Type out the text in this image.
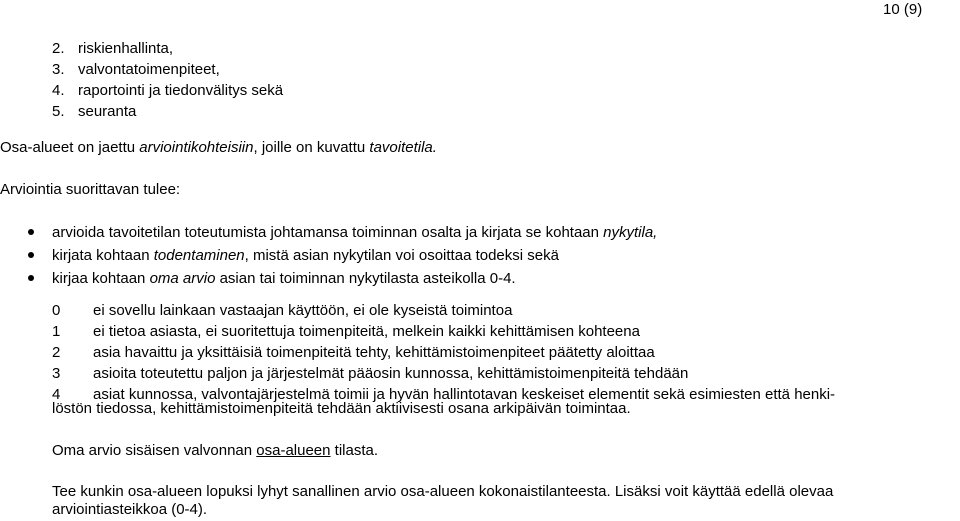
10 (9)
2. riskienhallinta,
3. valvontatoimenpiteet,
4. raportointi ja tiedonvälitys sekä
5. seuranta
Osa-alueet on jaettu arviointikohteisiin, joille on kuvattu tavoitetila.
Arviointia suorittavan tulee:
arvioida tavoitetilan toteutumista johtamansa toiminnan osalta ja kirjata se kohtaan nykytila,
kirjata kohtaan todentaminen, mistä asian nykytilan voi osoittaa todeksi sekä
kirjaa kohtaan oma arvio asian tai toiminnan nykytilasta asteikolla 0-4.
0	ei sovellu lainkaan vastaajan käyttöön, ei ole kyseistä toimintoa
1	ei tietoa asiasta, ei suoritettuja toimenpiteitä, melkein kaikki kehittämisen kohteena
2	asia havaittu ja yksittäisiä toimenpiteitä tehty, kehittämistoimenpiteet päätetty aloittaa
3	asioita toteutettu paljon ja järjestelmät pääosin kunnossa, kehittämistoimenpiteitä tehdään
4	asiat kunnossa, valvontajärjestelmä toimii ja hyvän hallintotavan keskeiset elementit sekä esimiesten että henki-
löstön tiedossa, kehittämistoimenpiteitä tehdään aktiivisesti osana arkipäivän toimintaa.
Oma arvio sisäisen valvonnan osa-alueen tilasta.
Tee kunkin osa-alueen lopuksi lyhyt sanallinen arvio osa-alueen kokonaistilanteesta. Lisäksi voit käyttää edellä olevaa
arviointiasteikkoa (0-4).
